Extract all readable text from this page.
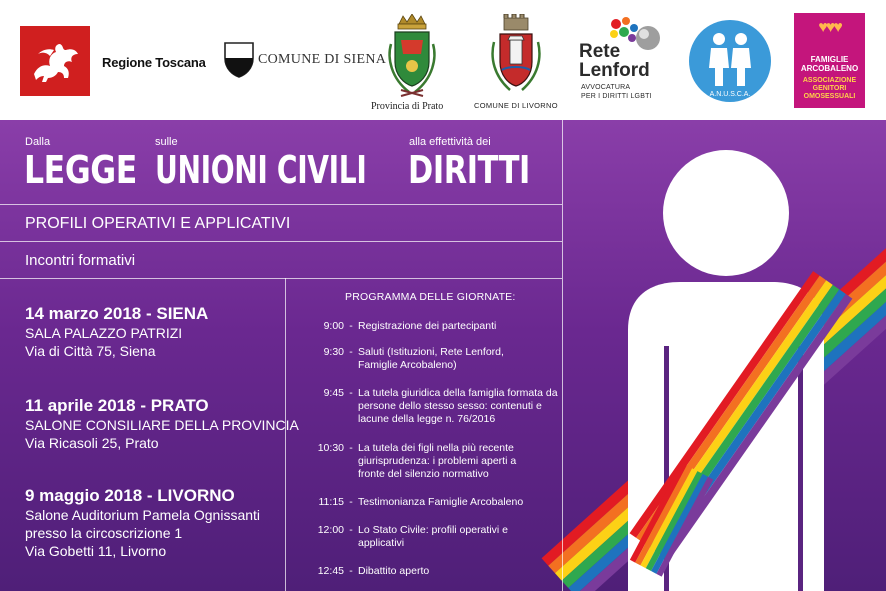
Regione Toscana	COMUNE DI SIENA
Provincia di Prato	COMUNE DI LIVORNO
Rete
Lenford
AVVOCATURA
PER I DIRITTI LGBTI	A.N.U.S.C.A.
♥♥♥
FAMIGLIE
ARCOBALENO
ASSOCIAZIONE
GENITORI
OMOSESSUALI
Dalla
LEGGE
sulle
UNIONI CIVILI
alla effettività dei
DIRITTI
PROFILI OPERATIVI E APPLICATIVI
Incontri formativi
14 marzo 2018 - SIENA
SALA PALAZZO PATRIZI
Via di Città 75, Siena
11 aprile 2018 - PRATO
SALONE CONSILIARE DELLA PROVINCIA
Via Ricasoli 25, Prato
9 maggio 2018 - LIVORNO
Salone Auditorium Pamela Ognissanti
presso la circoscrizione 1
Via Gobetti 11, Livorno
PROGRAMMA DELLE GIORNATE:
9:00 - Registrazione dei partecipanti
9:30 - Saluti (Istituzioni, Rete Lenford, Famiglie Arcobaleno)
9:45 - La tutela giuridica della famiglia formata da persone dello stesso sesso: contenuti e lacune della legge n. 76/2016
10:30 - La tutela dei figli nella più recente giurisprudenza: i problemi aperti a fronte del silenzio normativo
11:15 - Testimonianza Famiglie Arcobaleno
12:00 - Lo Stato Civile: profili operativi e applicativi
12:45 - Dibattito aperto
